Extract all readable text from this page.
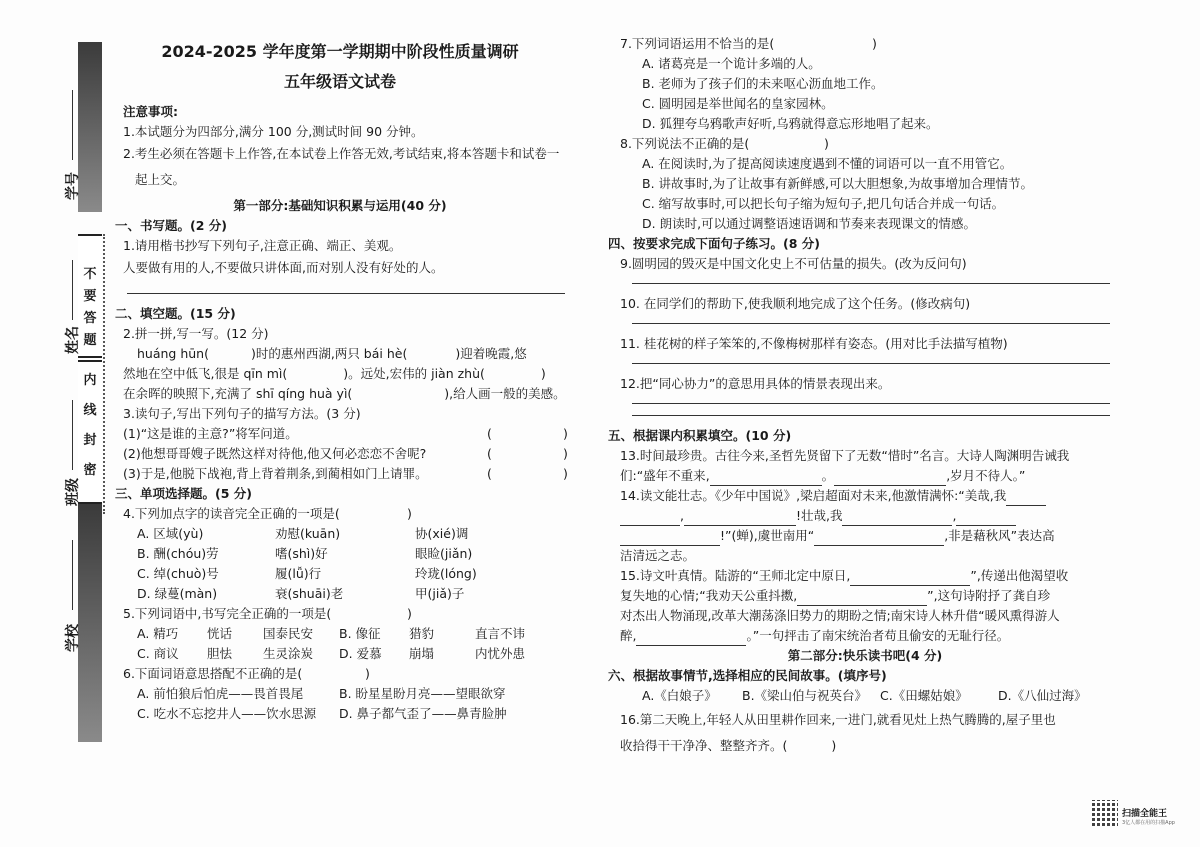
不
要
答
题
内
线
封
密
学号
姓名
班级
学校
2024-2025 学年度第一学期期中阶段性质量调研
五年级语文试卷
注意事项:
1.本试题分为四部分,满分 100 分,测试时间 90 分钟。
2.考生必须在答题卡上作答,在本试卷上作答无效,考试结束,将本答题卡和试卷一
起上交。
第一部分:基础知识积累与运用(40 分)
一、书写题。(2 分)
1.请用楷书抄写下列句子,注意正确、端正、美观。
人要做有用的人,不要做只讲体面,而对别人没有好处的人。
二、填空题。(15 分)
2.拼一拼,写一写。(12 分)
huáng hūn(	)时的惠州西湖,两只 bái hè(	)迎着晚霞,悠
然地在空中低飞,很是 qīn mì(	)。远处,宏伟的 jiàn zhù(	)
在余晖的映照下,充满了 shī qíng huà yì(	),给人画一般的美感。
3.读句子,写出下列句子的描写方法。(3 分)
(1)“这是谁的主意?”将军问道。	(	)
(2)他想哥哥嫂子既然这样对待他,他又何必恋恋不舍呢?	(	)
(3)于是,他脱下战袍,背上背着荆条,到蔺相如门上请罪。	(	)
三、单项选择题。(5 分)
4.下列加点字的读音完全正确的一项是(	)
A. 区域(yù)	劝慰(kuān)	协(xié)调
B. 酬(chóu)劳	嗜(shì)好	眼睑(jiǎn)
C. 绰(chuò)号	履(lǚ)行	玲珑(lóng)
D. 绿蔓(màn)	衰(shuāi)老	甲(jiǎ)子
5.下列词语中,书写完全正确的一项是(	)
A. 精巧 恍话 国泰民安 B. 像征 猎豹	直言不讳
C. 商议 胆怯 生灵涂炭 D. 爱慕 崩塌	内忧外患
6.下面词语意思搭配不正确的是(	)
A. 前怕狼后怕虎——畏首畏尾	B. 盼星星盼月亮——望眼欲穿
C. 吃水不忘挖井人——饮水思源 D. 鼻子都气歪了——鼻青脸肿
7.下列词语运用不恰当的是(	)
A. 诸葛亮是一个诡计多端的人。
B. 老师为了孩子们的未来呕心沥血地工作。
C. 圆明园是举世闻名的皇家园林。
D. 狐狸夸乌鸦歌声好听,乌鸦就得意忘形地唱了起来。
8.下列说法不正确的是(	)
A. 在阅读时,为了提高阅读速度遇到不懂的词语可以一直不用管它。
B. 讲故事时,为了让故事有新鲜感,可以大胆想象,为故事增加合理情节。
C. 缩写故事时,可以把长句子缩为短句子,把几句话合并成一句话。
D. 朗读时,可以通过调整语速语调和节奏来表现课文的情感。
四、按要求完成下面句子练习。(8 分)
9.圆明园的毁灭是中国文化史上不可估量的损失。(改为反问句)
10. 在同学们的帮助下,使我顺利地完成了这个任务。(修改病句)
11. 桂花树的样子笨笨的,不像梅树那样有姿态。(用对比手法描写植物)
12.把“同心协力”的意思用具体的情景表现出来。
五、根据课内积累填空。(10 分)
13.时间最珍贵。古往今来,圣哲先贤留下了无数“惜时”名言。大诗人陶渊明告诫我
们:“盛年不重来,	。	,岁月不待人。”
14.读文能壮志。《少年中国说》,梁启超面对未来,他激情满怀:“美哉,我
,	!壮哉,我	,
!”(蝉),虞世南用“	,非是藉秋风”表达高
洁清远之志。
15.诗文叶真情。陆游的“王师北定中原日,	”,传递出他渴望收
复失地的心情;“我劝天公重抖擞,	”,这句诗附抒了龚自珍
对杰出人物涌现,改革大潮荡涤旧势力的期盼之情;南宋诗人林升借“暖风熏得游人
醉,	。”一句抨击了南宋统治者苟且偷安的无耻行径。
第二部分:快乐读书吧(4 分)
六、根据故事情节,选择相应的民间故事。(填序号)
A.《白娘子》 B.《梁山伯与祝英台》 C.《田螺姑娘》 D.《八仙过海》
16.第二天晚上,年轻人从田里耕作回来,一进门,就看见灶上热气腾腾的,屋子里也
收拾得干干净净、整整齐齐。(	)
扫描全能王
3亿人都在用的扫描App
